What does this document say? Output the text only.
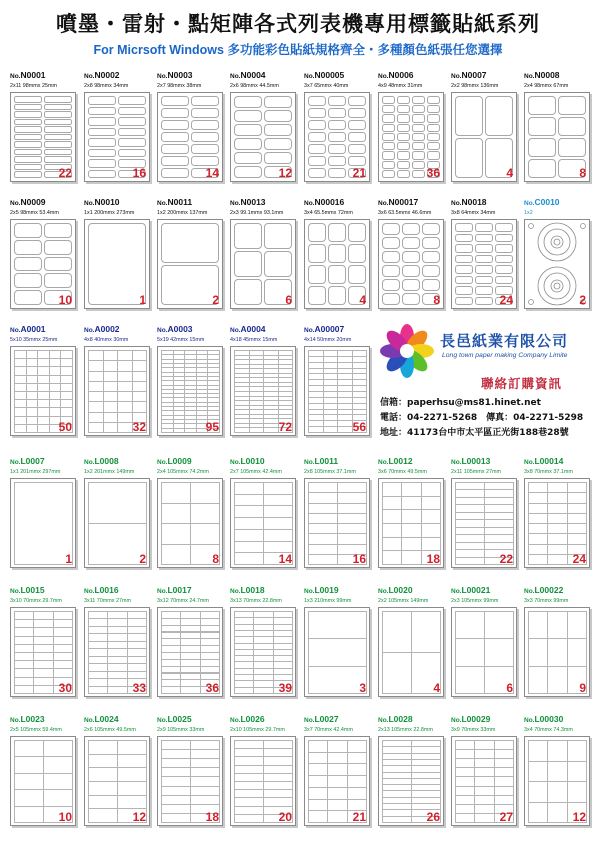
噴墨・雷射・點矩陣各式列表機專用標籤貼紙系列
For Micrsoft Windows 多功能彩色貼紙規格齊全・多種顏色紙張任您選擇
No.N0001
2x11 98mmx 25mm
22
No.N0002
2x8 98mmx 34mm
16
No.N0003
2x7 98mmx 38mm
14
No.N0004
2x6 98mmx 44.5mm
12
No.N00005
3x7 65mmx 40mm
21
No.N0006
4x9 48mmx 31mm
36
No.N0007
2x2 98mmx 136mm
4
No.N0008
2x4 98mmx 67mm
8
No.N0009
2x5 98mmx 53.4mm
10
No.N0010
1x1 200mmx 273mm
1
No.N0011
1x2 200mmx 137mm
2
No.N0013
2x3 99.1mmx 93.1mm
6
No.N00016
3x4 65.5mmx 72mm
4
No.N00017
3x6 63.5mmx 46.6mm
8
No.N0018
3x8 64mmx 34mm
24
No.C0010
1x2
2
No.A0001
5x10 35mmx 25mm
50
No.A0002
4x8 40mmx 30mm
32
No.A0003
5x19 42mmx 15mm
95
No.A0004
4x18 45mmx 15mm
72
No.A00007
4x14 50mmx 20mm
56
No.L0007
1x1 201mmx 297mm
1
No.L0008
1x2 201mmx 149mm
2
No.L0009
2x4 105mmx 74.2mm
8
No.L0010
2x7 105mmx 42.4mm
14
No.L0011
2x8 105mmx 37.1mm
16
No.L0012
3x6 70mmx 49.5mm
18
No.L00013
2x11 105mmx 27mm
22
No.L00014
3x8 70mmx 37.1mm
24
No.L0015
3x10 70mmx 29.7mm
30
No.L0016
3x11 70mmx 27mm
33
No.L0017
3x12 70mmx 24.7mm
36
No.L0018
3x13 70mmx 22.8mm
39
No.L0019
1x3 210mmx 99mm
3
No.L0020
2x2 105mmx 149mm
4
No.L00021
2x3 105mmx 99mm
6
No.L00022
3x3 70mmx 99mm
9
No.L0023
2x5 105mmx 59.4mm
10
No.L0024
2x6 105mmx 49.5mm
12
No.L0025
2x9 105mmx 33mm
18
No.L0026
2x10 105mmx 29.7mm
20
No.L0027
3x7 70mmx 42.4mm
21
No.L0028
2x13 105mmx 22.8mm
26
No.L00029
3x9 70mmx 33mm
27
No.L00030
3x4 70mmx 74.3mm
12
長邑紙業有限公司
Long town paper making Company Limite
聯絡訂購資訊
信箱：paperhsu@ms81.hinet.net
電話：04-2271-5268　傳真：04-2271-5298
地址：41173台中市太平區正光街188巷28號
